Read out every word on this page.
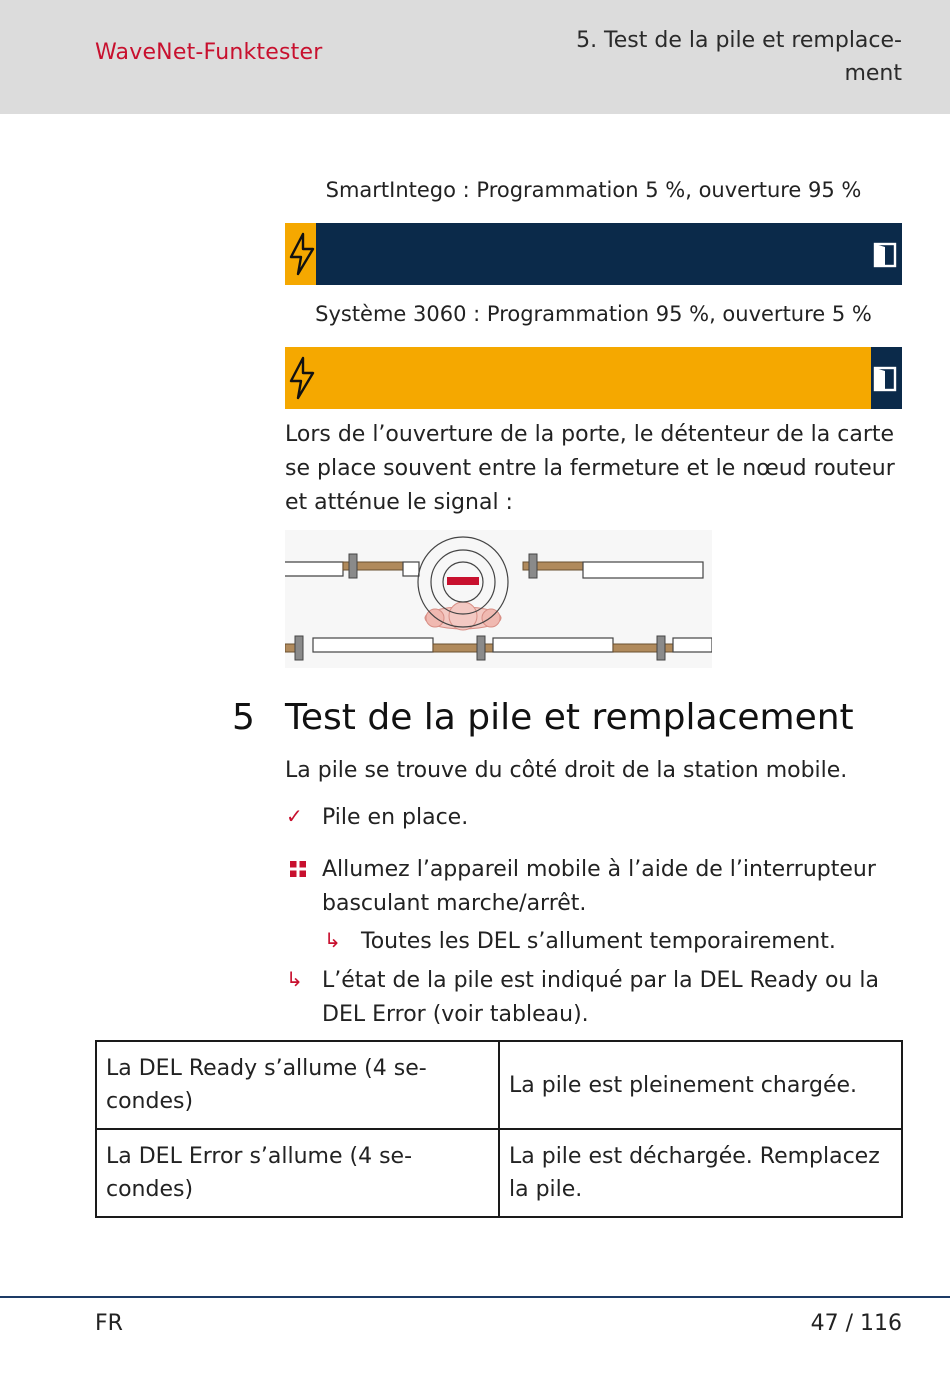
WaveNet-Funktester	5. Test de la pile et remplace-
ment
SmartIntego : Programmation 5 %, ouverture 95 %
Système 3060 : Programmation 95 %, ouverture 5 %
Lors de l’ouverture de la porte, le détenteur de la carte se place souvent entre la fermeture et le nœud routeur et atténue le signal :
5 Test de la pile et remplacement
La pile se trouve du côté droit de la station mobile.
✓ Pile en place.
Allumez l’appareil mobile à l’aide de l’interrupteur basculant marche/arrêt.
↳ Toutes les DEL s’allument temporairement.
↳ L’état de la pile est indiqué par la DEL Ready ou la DEL Error (voir tableau).
La DEL Ready s’allume (4 se-condes)	La pile est pleinement chargée.
La DEL Error s’allume (4 se-condes)	La pile est déchargée. Remplacez la pile.
FR	47 / 116
